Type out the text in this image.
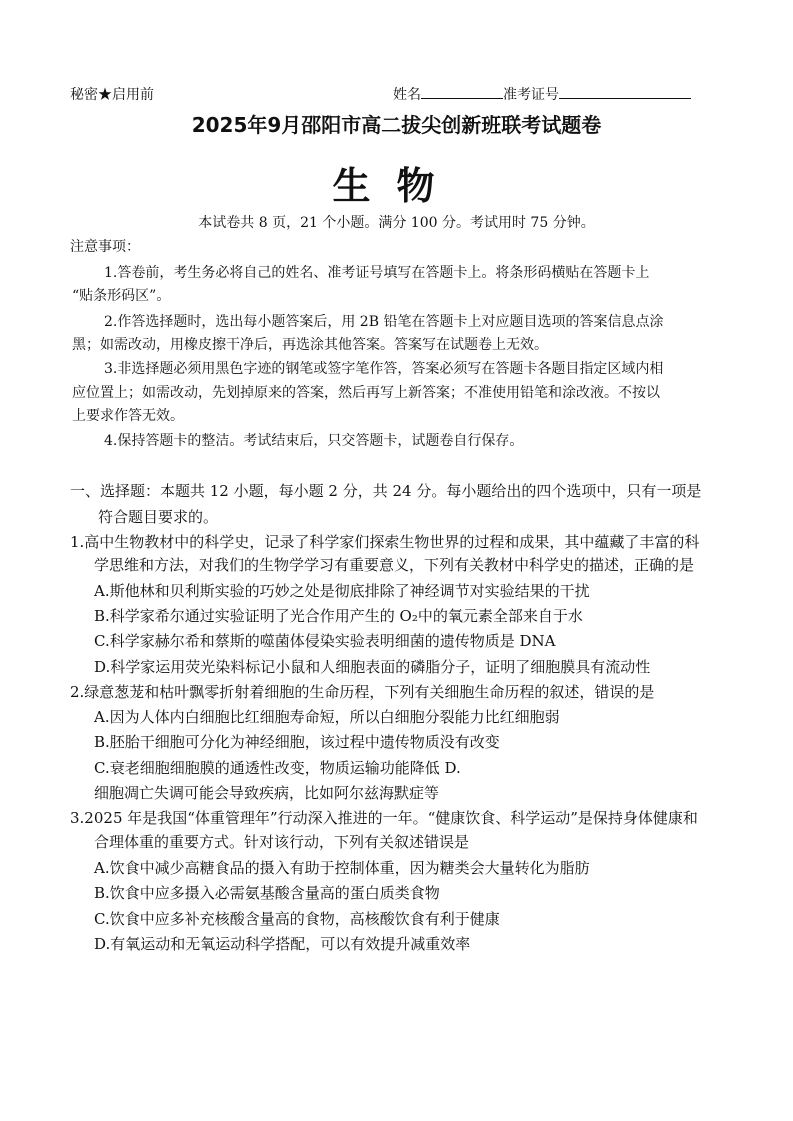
秘密★启用前	姓名	准考证号
2025年9月邵阳市高二拔尖创新班联考试题卷
生物
本试卷共 8 页，21 个小题。满分 100 分。考试用时 75 分钟。
注意事项：
1.答卷前，考生务必将自己的姓名、准考证号填写在答题卡上。将条形码横贴在答题卡上
“贴条形码区”。
2.作答选择题时，选出每小题答案后，用 2B 铅笔在答题卡上对应题目选项的答案信息点涂
黑；如需改动，用橡皮擦干净后，再选涂其他答案。答案写在试题卷上无效。
3.非选择题必须用黑色字迹的钢笔或签字笔作答，答案必须写在答题卡各题目指定区域内相
应位置上；如需改动，先划掉原来的答案，然后再写上新答案；不准使用铅笔和涂改液。不按以
上要求作答无效。
4.保持答题卡的整洁。考试结束后，只交答题卡，试题卷自行保存。
一、选择题：本题共 12 小题，每小题 2 分，共 24 分。每小题给出的四个选项中，只有一项是
符合题目要求的。
1.高中生物教材中的科学史，记录了科学家们探索生物世界的过程和成果，其中蕴藏了丰富的科
学思维和方法，对我们的生物学学习有重要意义，下列有关教材中科学史的描述，正确的是
A.斯他林和贝利斯实验的巧妙之处是彻底排除了神经调节对实验结果的干扰
B.科学家希尔通过实验证明了光合作用产生的 O₂中的氧元素全部来自于水
C.科学家赫尔希和蔡斯的噬菌体侵染实验表明细菌的遗传物质是 DNA
D.科学家运用荧光染料标记小鼠和人细胞表面的磷脂分子，证明了细胞膜具有流动性
2.绿意葱茏和枯叶飘零折射着细胞的生命历程，下列有关细胞生命历程的叙述，错误的是
A.因为人体内白细胞比红细胞寿命短，所以白细胞分裂能力比红细胞弱
B.胚胎干细胞可分化为神经细胞，该过程中遗传物质没有改变
C.衰老细胞细胞膜的通透性改变，物质运输功能降低 D.
细胞凋亡失调可能会导致疾病，比如阿尔兹海默症等
3.2025 年是我国“体重管理年”行动深入推进的一年。“健康饮食、科学运动”是保持身体健康和
合理体重的重要方式。针对该行动，下列有关叙述错误是
A.饮食中减少高糖食品的摄入有助于控制体重，因为糖类会大量转化为脂肪
B.饮食中应多摄入必需氨基酸含量高的蛋白质类食物
C.饮食中应多补充核酸含量高的食物，高核酸饮食有利于健康
D.有氧运动和无氧运动科学搭配，可以有效提升减重效率
